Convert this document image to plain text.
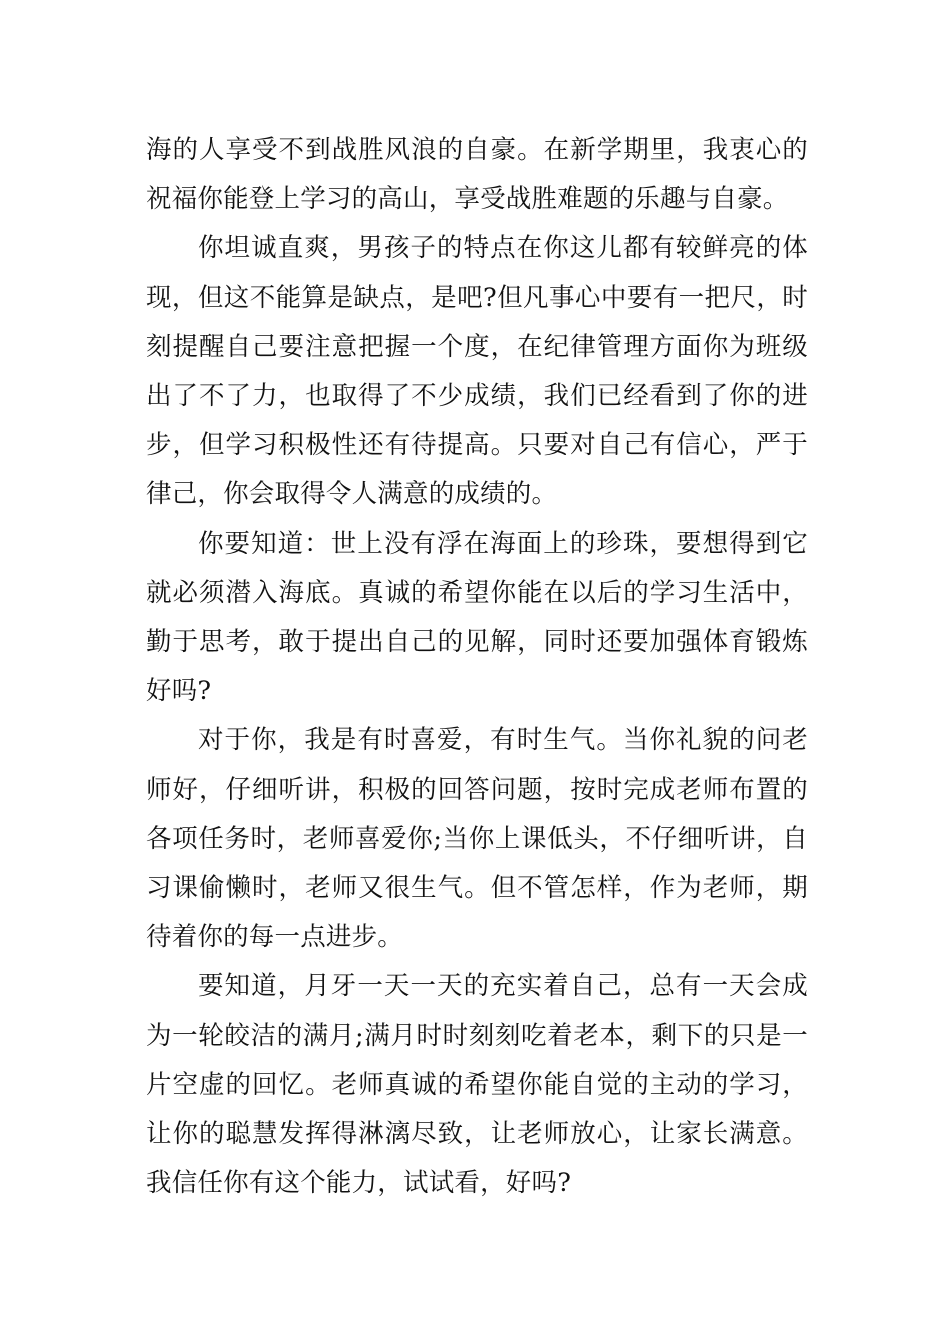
海的人享受不到战胜风浪的自豪。在新学期里，我衷心的祝福你能登上学习的高山，享受战胜难题的乐趣与自豪。

你坦诚直爽，男孩子的特点在你这儿都有较鲜亮的体现，但这不能算是缺点，是吧?但凡事心中要有一把尺，时刻提醒自己要注意把握一个度，在纪律管理方面你为班级出了不了力，也取得了不少成绩，我们已经看到了你的进步，但学习积极性还有待提高。只要对自己有信心，严于律己，你会取得令人满意的成绩的。

你要知道：世上没有浮在海面上的珍珠，要想得到它就必须潜入海底。真诚的希望你能在以后的学习生活中，勤于思考，敢于提出自己的见解，同时还要加强体育锻炼好吗?

对于你，我是有时喜爱，有时生气。当你礼貌的问老师好，仔细听讲，积极的回答问题，按时完成老师布置的各项任务时，老师喜爱你;当你上课低头，不仔细听讲，自习课偷懒时，老师又很生气。但不管怎样，作为老师，期待着你的每一点进步。

要知道，月牙一天一天的充实着自己，总有一天会成为一轮皎洁的满月;满月时时刻刻吃着老本，剩下的只是一片空虚的回忆。老师真诚的希望你能自觉的主动的学习，让你的聪慧发挥得淋漓尽致，让老师放心，让家长满意。我信任你有这个能力，试试看，好吗?
